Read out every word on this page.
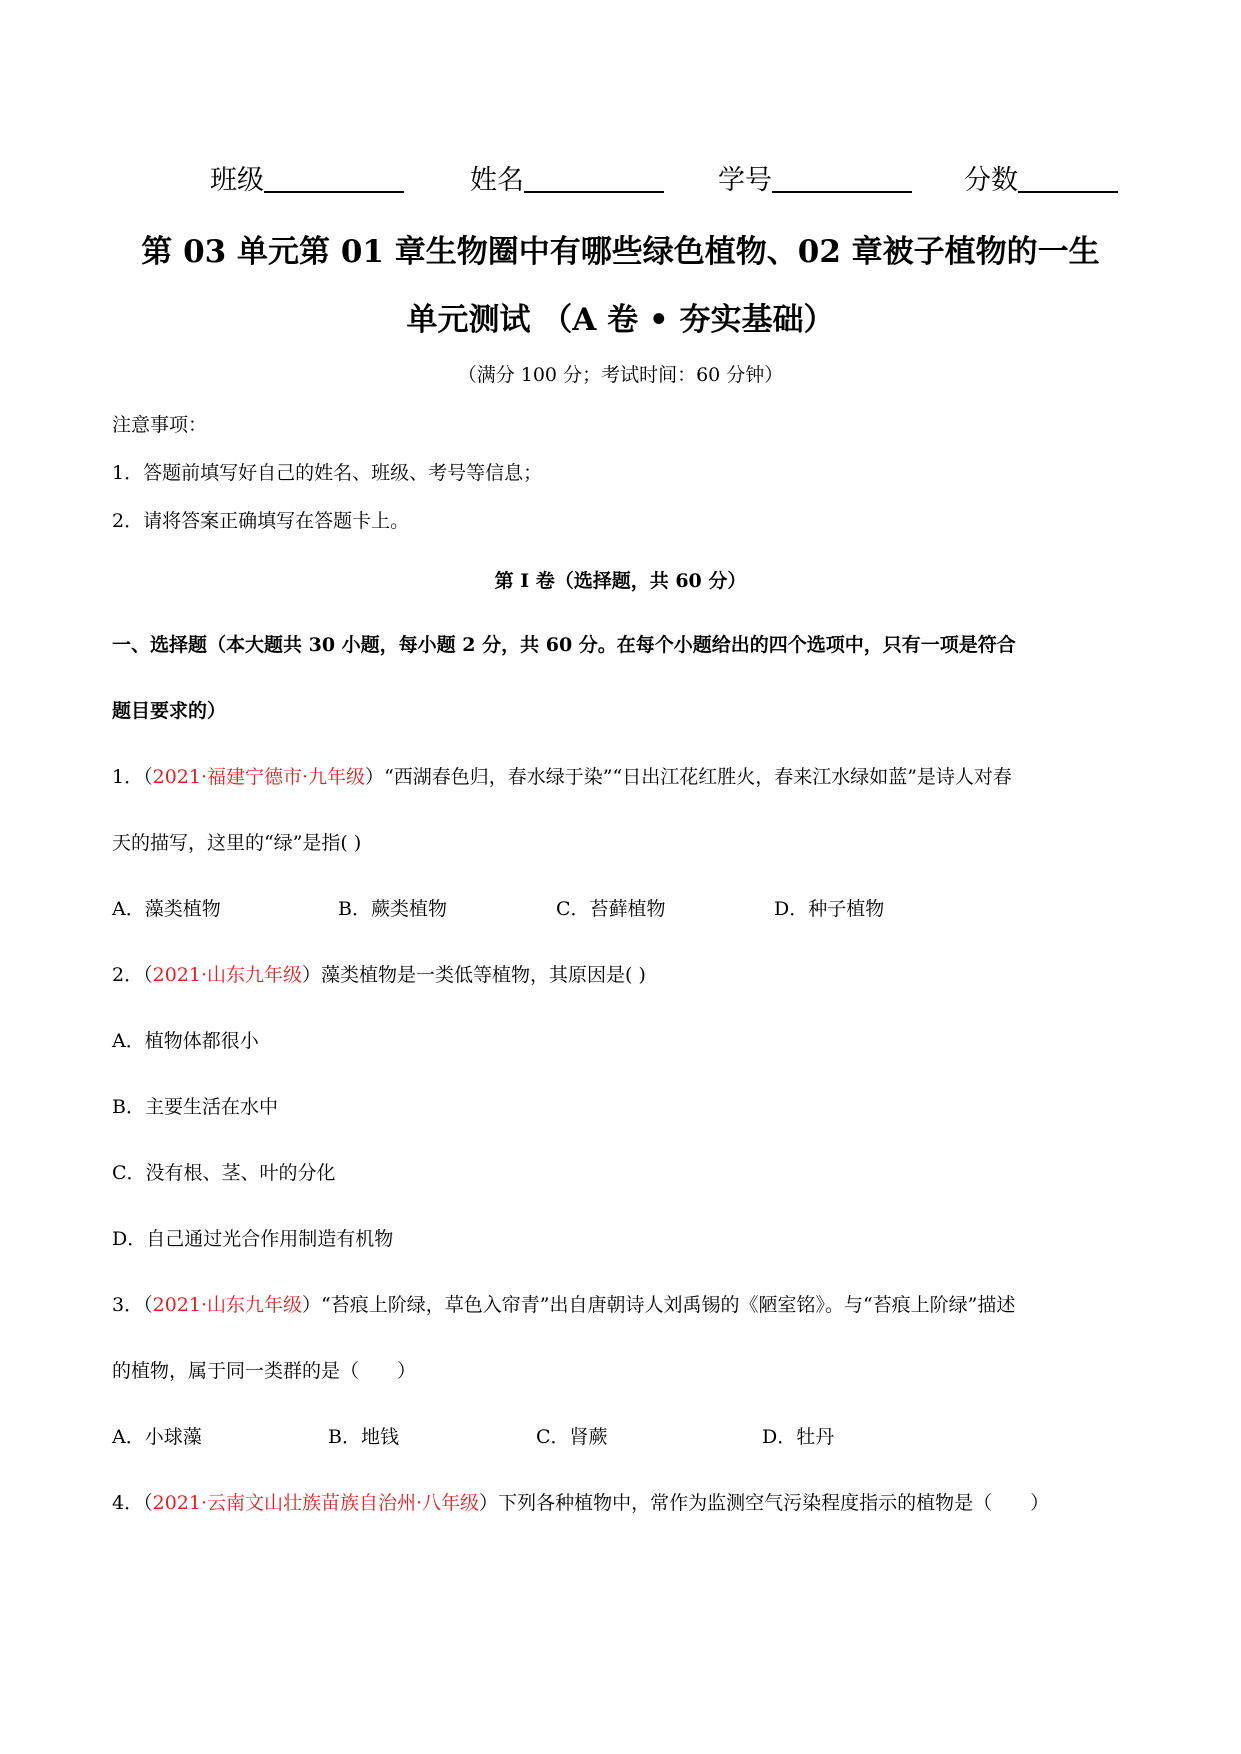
班级	姓名	学号	分数
第 03 单元第 01 章生物圈中有哪些绿色植物、02 章被子植物的一生
单元测试 （A 卷 • 夯实基础）
（满分 100 分；考试时间：60 分钟）
注意事项：
1．答题前填写好自己的姓名、班级、考号等信息；
2．请将答案正确填写在答题卡上。
第 I 卷（选择题，共 60 分）
一、选择题（本大题共 30 小题，每小题 2 分，共 60 分。在每个小题给出的四个选项中，只有一项是符合
题目要求的）
1．（2021·福建宁德市·九年级）“西湖春色归，春水绿于染”“日出江花红胜火，春来江水绿如蓝”是诗人对春
天的描写，这里的“绿”是指( )
A．藻类植物	B．蕨类植物	C．苔藓植物	D．种子植物
2．（2021·山东九年级）藻类植物是一类低等植物，其原因是( )
A．植物体都很小
B．主要生活在水中
C．没有根、茎、叶的分化
D．自己通过光合作用制造有机物
3．（2021·山东九年级）“苔痕上阶绿，草色入帘青”出自唐朝诗人刘禹锡的《陋室铭》。与“苔痕上阶绿”描述
的植物，属于同一类群的是（　　）
A．小球藻	B．地钱	C．肾蕨	D．牡丹
4．（2021·云南文山壮族苗族自治州·八年级）下列各种植物中，常作为监测空气污染程度指示的植物是（　　）
